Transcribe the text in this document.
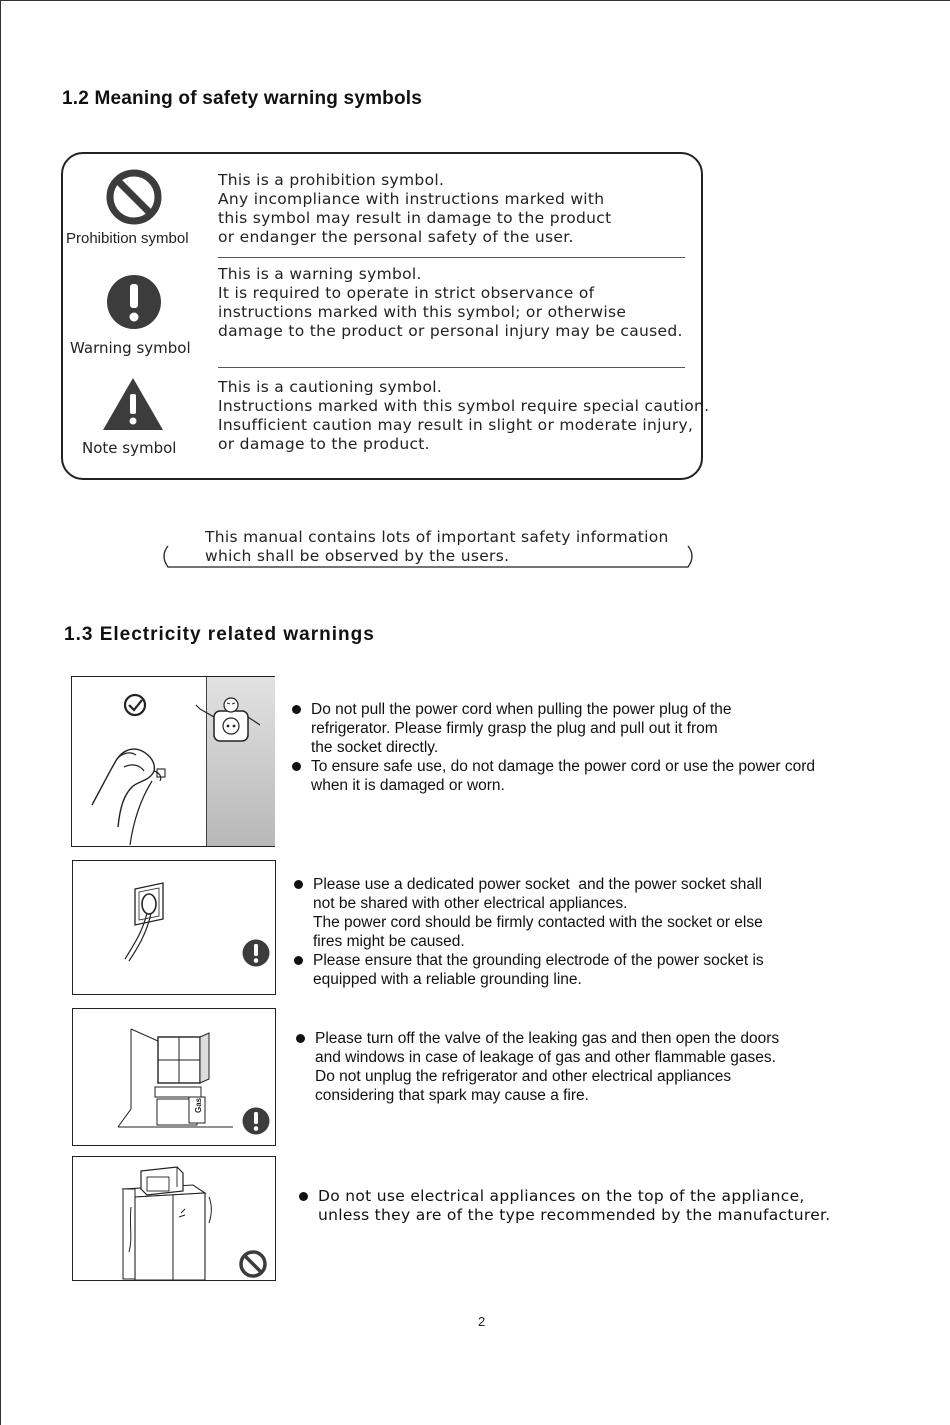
1.2 Meaning of safety warning symbols
Prohibition symbol
This is a prohibition symbol.
Any incompliance with instructions marked with
this symbol may result in damage to the product
or endanger the personal safety of the user.
Warning symbol
This is a warning symbol.
It is required to operate in strict observance of
instructions marked with this symbol; or otherwise
damage to the product or personal injury may be caused.
Note symbol
This is a cautioning symbol.
Instructions marked with this symbol require special caution.
Insufficient caution may result in slight or moderate injury,
or damage to the product.
This manual contains lots of important safety information
which shall be observed by the users.
1.3 Electricity related warnings
Do not pull the power cord when pulling the power plug of the
refrigerator. Please firmly grasp the plug and pull out it from
the socket directly.
To ensure safe use, do not damage the power cord or use the power cord
when it is damaged or worn.
Please use a dedicated power socket  and the power socket shall
not be shared with other electrical appliances.
The power cord should be firmly contacted with the socket or else
fires might be caused.
Please ensure that the grounding electrode of the power socket is
equipped with a reliable grounding line.
Gas
Please turn off the valve of the leaking gas and then open the doors
and windows in case of leakage of gas and other flammable gases.
Do not unplug the refrigerator and other electrical appliances
considering that spark may cause a fire.
Do not use electrical appliances on the top of the appliance,
unless they are of the type recommended by the manufacturer.
2
